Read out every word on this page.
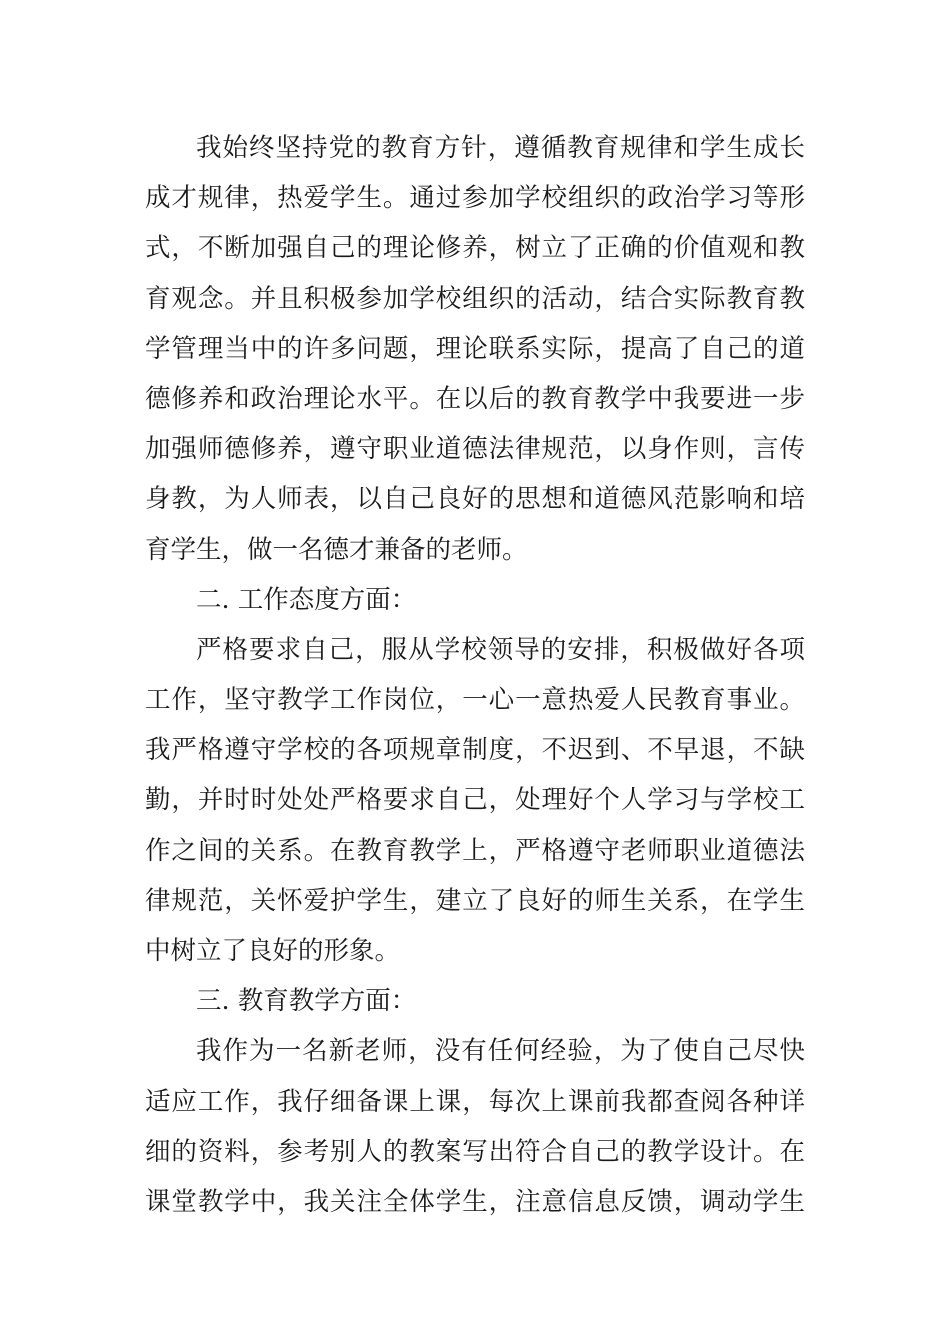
我始终坚持党的教育方针，遵循教育规律和学生成长
成才规律，热爱学生。通过参加学校组织的政治学习等形
式，不断加强自己的理论修养，树立了正确的价值观和教
育观念。并且积极参加学校组织的活动，结合实际教育教
学管理当中的许多问题，理论联系实际，提高了自己的道
德修养和政治理论水平。在以后的教育教学中我要进一步
加强师德修养，遵守职业道德法律规范，以身作则，言传
身教，为人师表，以自己良好的思想和道德风范影响和培
育学生，做一名德才兼备的老师。
二. 工作态度方面：
严格要求自己，服从学校领导的安排，积极做好各项
工作，坚守教学工作岗位，一心一意热爱人民教育事业。
我严格遵守学校的各项规章制度，不迟到、不早退，不缺
勤，并时时处处严格要求自己，处理好个人学习与学校工
作之间的关系。在教育教学上，严格遵守老师职业道德法
律规范，关怀爱护学生，建立了良好的师生关系，在学生
中树立了良好的形象。
三. 教育教学方面：
我作为一名新老师，没有任何经验，为了使自己尽快
适应工作，我仔细备课上课，每次上课前我都查阅各种详
细的资料，参考别人的教案写出符合自己的教学设计。在
课堂教学中，我关注全体学生，注意信息反馈，调动学生
